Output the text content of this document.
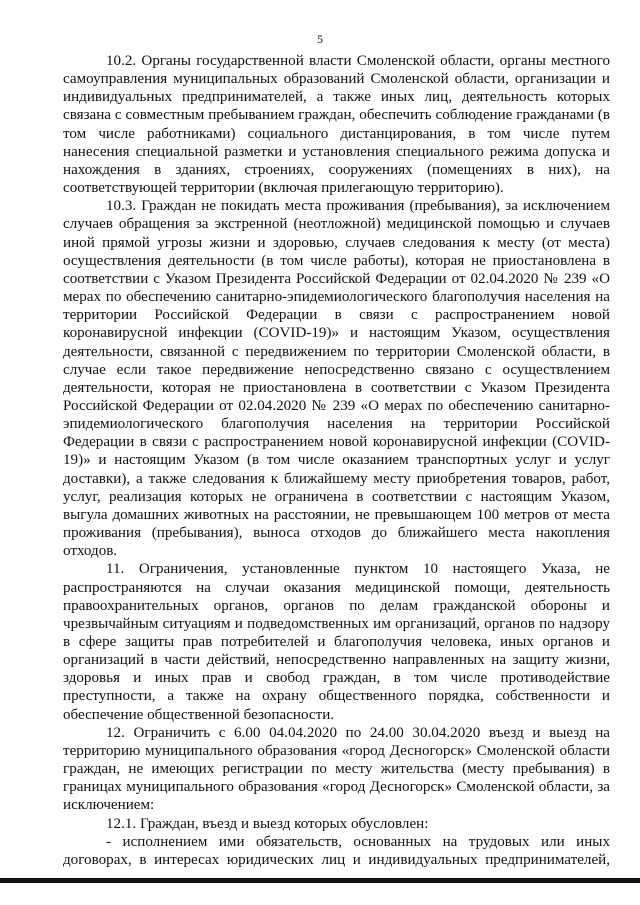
5

10.2. Органы государственной власти Смоленской области, органы местного самоуправления муниципальных образований Смоленской области, организации и индивидуальных предпринимателей, а также иных лиц, деятельность которых связана с совместным пребыванием граждан, обеспечить соблюдение гражданами (в том числе работниками) социального дистанцирования, в том числе путем нанесения специальной разметки и установления специального режима допуска и нахождения в зданиях, строениях, сооружениях (помещениях в них), на соответствующей территории (включая прилегающую территорию).

10.3. Граждан не покидать места проживания (пребывания), за исключением случаев обращения за экстренной (неотложной) медицинской помощью и случаев иной прямой угрозы жизни и здоровью, случаев следования к месту (от места) осуществления деятельности (в том числе работы), которая не приостановлена в соответствии с Указом Президента Российской Федерации от 02.04.2020 № 239 «О мерах по обеспечению санитарно-эпидемиологического благополучия населения на территории Российской Федерации в связи с распространением новой коронавирусной инфекции (COVID-19)» и настоящим Указом, осуществления деятельности, связанной с передвижением по территории Смоленской области, в случае если такое передвижение непосредственно связано с осуществлением деятельности, которая не приостановлена в соответствии с Указом Президента Российской Федерации от 02.04.2020 № 239 «О мерах по обеспечению санитарно-эпидемиологического благополучия населения на территории Российской Федерации в связи с распространением новой коронавирусной инфекции (COVID-19)» и настоящим Указом (в том числе оказанием транспортных услуг и услуг доставки), а также следования к ближайшему месту приобретения товаров, работ, услуг, реализация которых не ограничена в соответствии с настоящим Указом, выгула домашних животных на расстоянии, не превышающем 100 метров от места проживания (пребывания), выноса отходов до ближайшего места накопления отходов.

11. Ограничения, установленные пунктом 10 настоящего Указа, не распространяются на случаи оказания медицинской помощи, деятельность правоохранительных органов, органов по делам гражданской обороны и чрезвычайным ситуациям и подведомственных им организаций, органов по надзору в сфере защиты прав потребителей и благополучия человека, иных органов и организаций в части действий, непосредственно направленных на защиту жизни, здоровья и иных прав и свобод граждан, в том числе противодействие преступности, а также на охрану общественного порядка, собственности и обеспечение общественной безопасности.

12. Ограничить с 6.00 04.04.2020 по 24.00 30.04.2020 въезд и выезд на территорию муниципального образования «город Десногорск» Смоленской области граждан, не имеющих регистрации по месту жительства (месту пребывания) в границах муниципального образования «город Десногорск» Смоленской области, за исключением:

12.1. Граждан, въезд и выезд которых обусловлен:

- исполнением ими обязательств, основанных на трудовых или иных договорах, в интересах юридических лиц и индивидуальных предпринимателей,
